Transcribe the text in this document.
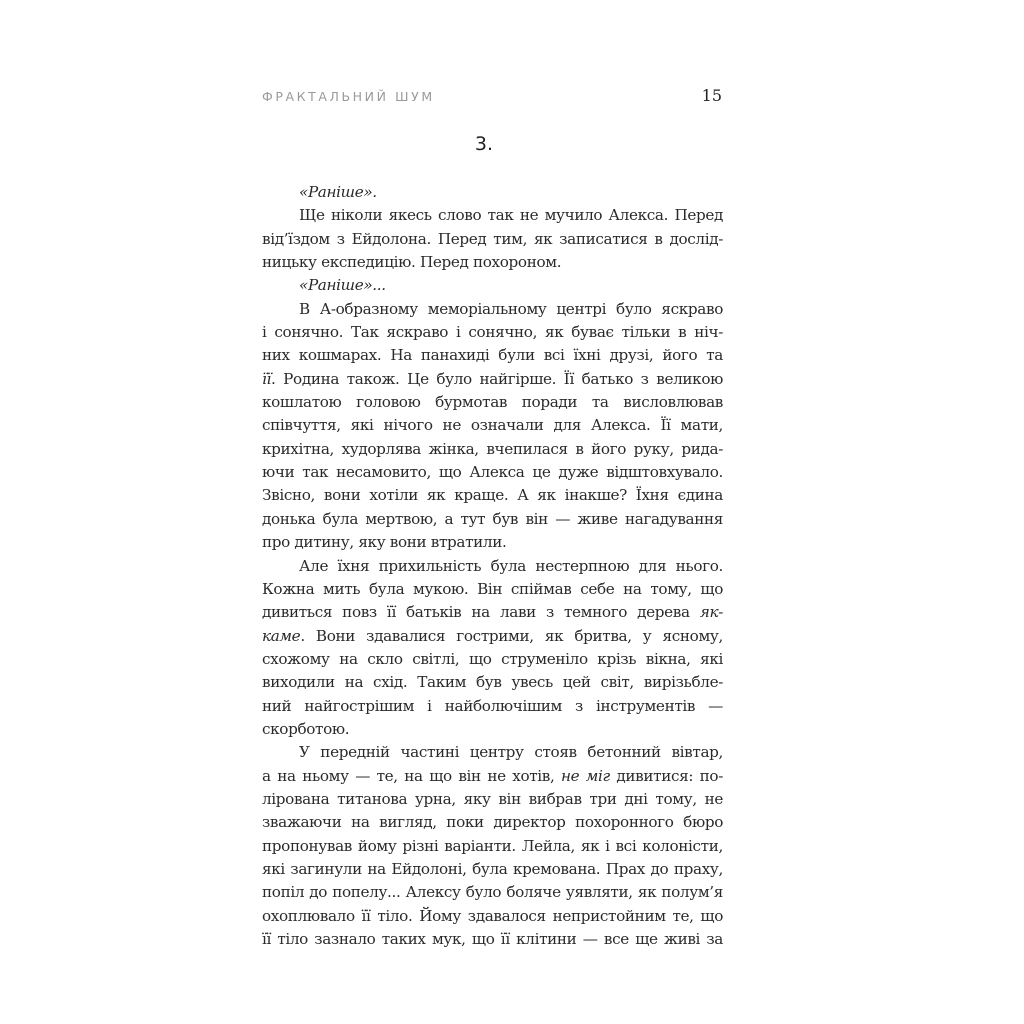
ФРАКТАЛЬНИЙ ШУМ	15
3.
«Раніше».
Ще ніколи якесь слово так не мучило Алекса. Перед
від’їздом з Ейдолона. Перед тим, як записатися в дослід-
ницьку експедицію. Перед похороном.
«Раніше»...
В А-образному меморіальному центрі було яскраво
і сонячно. Так яскраво і сонячно, як буває тільки в ніч-
них кошмарах. На панахиді були всі їхні друзі, його та
її. Родина також. Це було найгірше. Її батько з великою
кошлатою головою бурмотав поради та висловлював
співчуття, які нічого не означали для Алекса. Її мати,
крихітна, худорлява жінка, вчепилася в його руку, рида-
ючи так несамовито, що Алекса це дуже відштовхувало.
Звісно, вони хотіли як краще. А як інакше? Їхня єдина
донька була мертвою, а тут був він — живе нагадування
про дитину, яку вони втратили.
Але їхня прихильність була нестерпною для нього.
Кожна мить була мукою. Він спіймав себе на тому, що
дивиться повз її батьків на лави з темного дерева як-
каме. Вони здавалися гострими, як бритва, у ясному,
схожому на скло світлі, що струменіло крізь вікна, які
виходили на схід. Таким був увесь цей світ, вирізьбле-
ний найгострішим і найболючішим з інструментів —
скорботою.
У передній частині центру стояв бетонний вівтар,
а на ньому — те, на що він не хотів, не міг дивитися: по-
лірована титанова урна, яку він вибрав три дні тому, не
зважаючи на вигляд, поки директор похоронного бюро
пропонував йому різні варіанти. Лейла, як і всі колоністи,
які загинули на Ейдолоні, була кремована. Прах до праху,
попіл до попелу... Алексу було боляче уявляти, як полум’я
охоплювало її тіло. Йому здавалося непристойним те, що
її тіло зазнало таких мук, що її клітини — все ще живі за
